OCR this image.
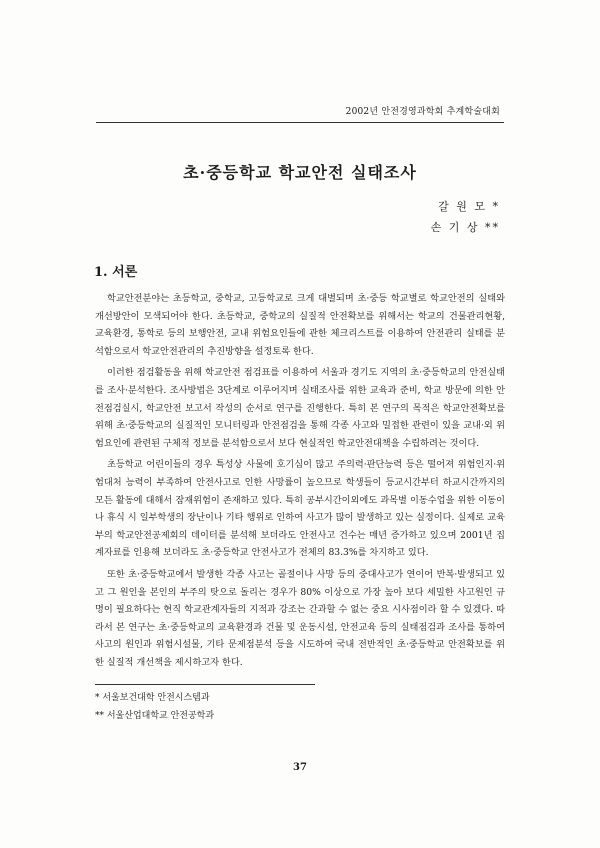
2002년 안전경영과학회 추계학술대회
초·중등학교 학교안전 실태조사
갈 원 모 *
손 기 상 **
1. 서론

학교안전분야는 초등학교, 중학교, 고등학교로 크게 대별되며 초·중등 학교별로 학교안전의 실태와 개선방안이 모색되어야 한다. 초등학교, 중학교의 실질적 안전확보를 위해서는 학교의 건물관리현황, 교육환경, 통학로 등의 보행안전, 교내 위험요인들에 관한 체크리스트를 이용하여 안전관리 실태를 분석함으로서 학교안전관리의 추진방향을 설정토록 한다.

이러한 점검활동을 위해 학교안전 점검표를 이용하여 서울과 경기도 지역의 초·중등학교의 안전실태를 조사·분석한다. 조사방법은 3단계로 이루어지며 실태조사를 위한 교육과 준비, 학교 방문에 의한 안전점검실시, 학교안전 보고서 작성의 순서로 연구를 진행한다. 특히 본 연구의 목적은 학교안전확보를 위해 초·중등학교의 실질적인 모니터링과 안전점검을 통해 각종 사고와 밀접한 관련이 있을 교내·외 위험요인에 관련된 구체적 정보를 분석함으로서 보다 현실적인 학교안전대책을 수립하려는 것이다.

초등학교 어린이들의 경우 특성상 사물에 호기심이 많고 주의력·판단능력 등은 떨어져 위험인지·위험대처 능력이 부족하여 안전사고로 인한 사망률이 높으므로 학생들이 등교시간부터 하교시간까지의 모든 활동에 대해서 잠재위험이 존재하고 있다. 특히 공부시간이외에도 과목별 이동수업을 위한 이동이나 휴식 시 일부학생의 장난이나 기타 행위로 인하여 사고가 많이 발생하고 있는 실정이다. 실제로 교육부의 학교안전공제회의 데이터를 분석해 보더라도 안전사고 건수는 매년 증가하고 있으며 2001년 집계자료를 인용해 보더라도 초·중등학교 안전사고가 전체의 83.3%를 차지하고 있다.

또한 초·중등학교에서 발생한 각종 사고는 골절이나 사망 등의 중대사고가 연이어 반복·발생되고 있고 그 원인을 본인의 부주의 탓으로 돌리는 경우가 80% 이상으로 가장 높아 보다 세밀한 사고원인 규명이 필요하다는 현직 학교관계자들의 지적과 강조는 간과할 수 없는 중요 시사점이라 할 수 있겠다. 따라서 본 연구는 초·중등학교의 교육환경과 건물 및 운동시설, 안전교육 등의 실태점검과 조사를 통하여 사고의 원인과 위험시설물, 기타 문제점분석 등을 시도하여 국내 전반적인 초·중등학교 안전확보를 위한 실질적 개선책을 제시하고자 한다.

* 서울보건대학 안전시스템과
** 서울산업대학교 안전공학과
37
